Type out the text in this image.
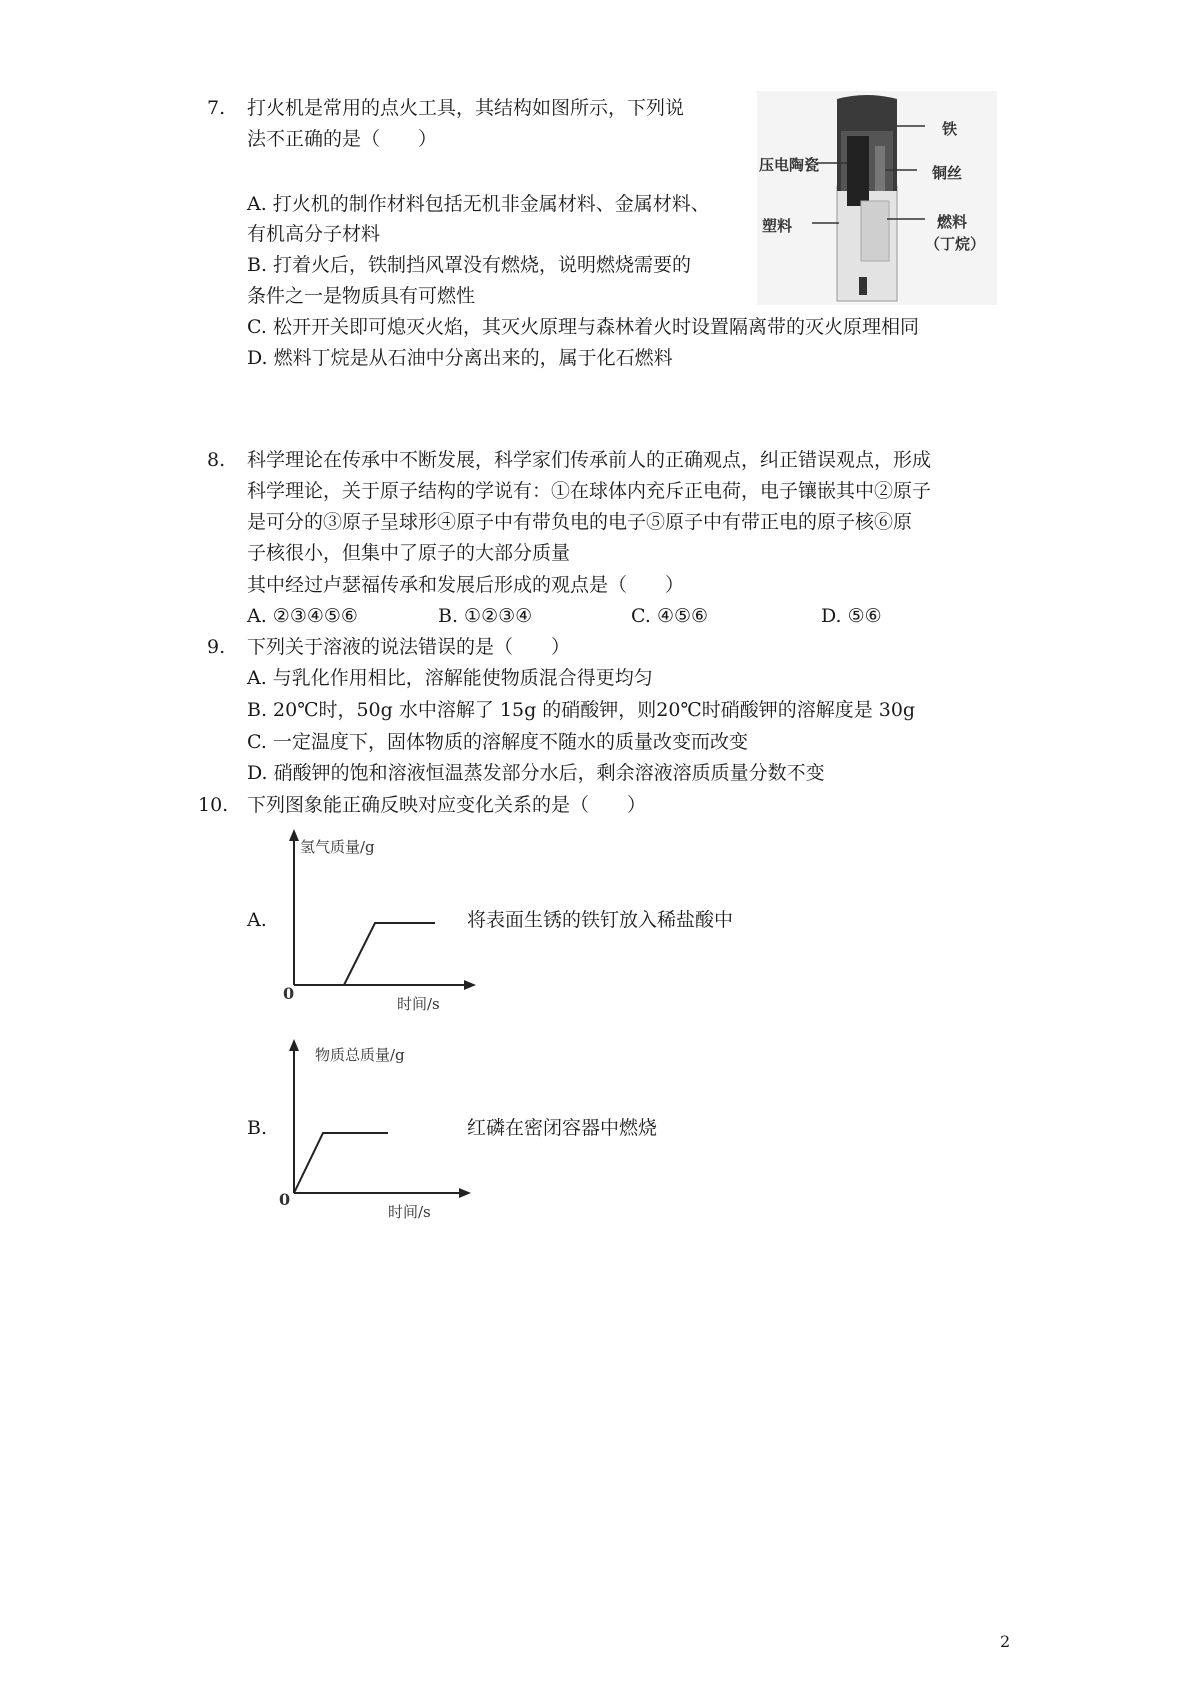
7. 打火机是常用的点火工具，其结构如图所示，下列说
法不正确的是（　　）
A. 打火机的制作材料包括无机非金属材料、金属材料、
有机高分子材料
B. 打着火后，铁制挡风罩没有燃烧，说明燃烧需要的
条件之一是物质具有可燃性
C. 松开开关即可熄灭火焰，其灭火原理与森林着火时设置隔离带的灭火原理相同
D. 燃料丁烷是从石油中分离出来的，属于化石燃料
铁
压电陶瓷	铜丝
塑料	燃料
（丁烷）
8. 科学理论在传承中不断发展，科学家们传承前人的正确观点，纠正错误观点，形成
科学理论，关于原子结构的学说有：①在球体内充斥正电荷，电子镶嵌其中②原子
是可分的③原子呈球形④原子中有带负电的电子⑤原子中有带正电的原子核⑥原
子核很小，但集中了原子的大部分质量
其中经过卢瑟福传承和发展后形成的观点是（　　）
A. ②③④⑤⑥	B. ①②③④	C. ④⑤⑥	D. ⑤⑥
9. 下列关于溶液的说法错误的是（　　）
A. 与乳化作用相比，溶解能使物质混合得更均匀
B. 20℃时，50g 水中溶解了 15g 的硝酸钾，则20℃时硝酸钾的溶解度是 30g
C. 一定温度下，固体物质的溶解度不随水的质量改变而改变
D. 硝酸钾的饱和溶液恒温蒸发部分水后，剩余溶液溶质质量分数不变
10. 下列图象能正确反映对应变化关系的是（　　）
A.
氢气质量/g
时间/s
0
将表面生锈的铁钉放入稀盐酸中
B.
物质总质量/g
时间/s
0
红磷在密闭容器中燃烧
2
